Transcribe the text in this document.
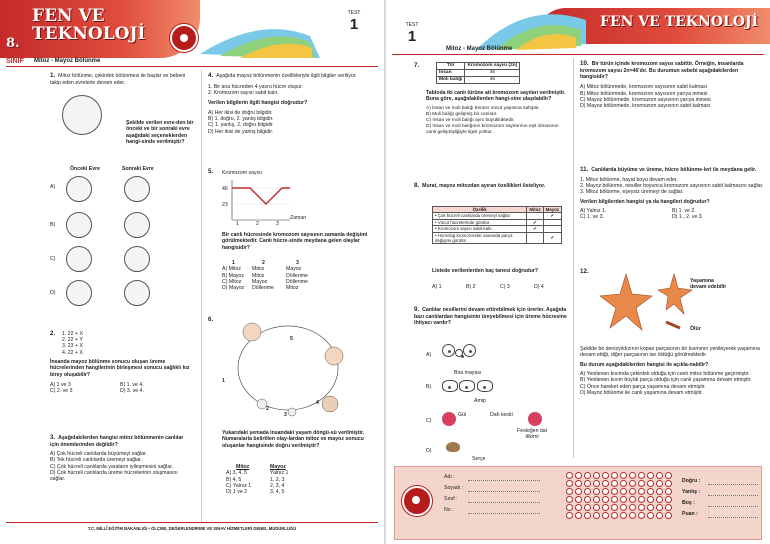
FEN VE
TEKNOLOJİ
8.
TEST
1
SINIF Mitoz - Mayoz Bölünme
1. Mitoz bölünme, çekirdek bölünmesi ile başlar ve bebeni takip eden evrelerle devam eder.
Şekilde verilen evre-den bir önceki ve bir sonraki evre aşağıdaki seçeneklerden hangi-sinde verilmiştir?
Önceki Evre	Sonraki Evre
A)
B)
C)
D)
2. 1. 22 + X
2. 22 + Y
3. 23 + X
4. 22 + X
İnsanda mayoz bölünme sonucu oluşan üreme hücrelerinden hangilerinin birleşmesi sonucu sağlıklı kız birey oluşabilir?
A) 1 ve 3	B) 1. ve 4.
C) 2. ve 3	D) 3. ve 4.
3. Aşağıdakilerden hangisi mitoz bölünmenin canlılar için önemlerinden değildir?
A) Çok hücreli canlılarda büyümeyi sağlar.
B) Tek hücreli canlılarda üremeyi sağlar.
C) Çok hücreli canlılarda yaraların iyileşmesini sağlar.
D) Çok hücreli canlılarda üreme hücrelerinin oluşmasını sağlar.
4. Aşağıda mayoz bölünmenin özellikleriyle ilgili bilgiler veriliyor.
1. Bir ana hücreden 4 yavru hücre oluşur.
2. Kromozom sayısı sabit kalır.
Verilen bilgilerin ilgili hangisi doğrudur?
A) Her ikisi de doğru bilgidir.
B) 1. doğru, 2. yanlış bilgidir.
C) 1. yanlış, 2. doğru bilgidir.
D) Her ikisi de yanlış bilgidir.
5.	Kromozom sayısı
46
23
1	2	3
Zaman
Bir canlı hücresinde kromozom sayısının zamanla değişimi görülmektedir. Canlı hücre-sinde meydana gelen olaylar hangisidir?
1	2	3
A) Mitoz	Mitoz	Mayoz
B) Mayoz	Mitoz	Döllenme
C) Mitoz	Mayoz	Döllenme
D) Mayoz	Döllenme	Mitoz
6.
5
1
2
3
4
Yukarıdaki şemada insandaki yaşam döngü-sü verilmiştir. Numaralarla belirtilen olay-lardan mitoz ve mayoz sonucu oluşanlar hangisinde doğru verilmiştir?
Mitoz	Mayoz
A) 3, 4, 5	Yalnız 1
B) 4, 5	1, 2, 3
C) Yalnız 1	2, 3, 4
D) 1 ve 2	3, 4, 5
T.C. MİLLÎ EĞİTİM BAKANLIĞI • ÖLÇME, DEĞERLENDİRME VE SINAV HİZMETLERİ GENEL MÜDÜRLÜĞÜ
FEN VE TEKNOLOJİ
TEST
1
Mitoz - Mayoz Bölünme
7.	Tür	Kromozom sayısı (2n)
İnsan	46
Moli balığı	46
Tabloda iki canlı türüne ait kromozom sayıları verilmiştir. Buna göre, aşağıdakilerden hangi-sine ulaşılabilir?
A) İnsan ve moli balığı benzer vücut yapısına sahiptir.
B) Moli balığı gelişmiş bir canlıdır.
C) İnsan ve moli balığı aynı büyüklüktedir.
D) İnsan ve moli balığının kromozom sayılarının eşit olmasının canlı gelişmişliğiyle ilgisi yoktur.
8. Murat, mayoz mitozdan ayıran özellikleri listeliyor.
Özellik	Mitoz	Mayoz
• Çok hücreli canlılarda üremeyi sağlar.		✔
• Vücut hücrelerinde görülür.	✔	
• Kromozom sayısı sabit kalır.	✔	
• Homolog kromozomlar arasında parça değişimi görülür.		✔
Listede verilenlerden kaç tanesi doğrudur?
A) 1	B) 2	C) 3	D) 4
9. Canlılar nesillerini devam ettirebilmek için ürerler. Aşağıda bazı canlılardan hangisinin üreyebilmesi için üreme hücresine ihtiyacı vardır?
A)
Bira mayası
B)

Amip
C)
Gül	Dah kesiti
Fesleğen dal dikimi
D)
Serçe
10. Bir türün içinde kromozom sayısı sabittir. Örneğin, insanlarda kromozom sayısı 2n=46'dır. Bu durumun sebebi aşağıdakilerden hangisidir?
A) Mitoz bölünmede, kromozom sayısının sabit kalması
B) Mitoz bölünmede, kromozom sayısının yarıya inmesi
C) Mayoz bölünmede, kromozom sayısının yarıya inmesi
D) Mayoz bölünmede, kromozom sayısının sabit kalması
11. Canlılarda büyüme ve üreme, hücre bölünme-leri ile meydana gelir.
1. Mitoz bölünme, hayat boyu devam eder.
2. Mayoz bölünme, nesiller boyunca kromozom sayısının sabit kalmasını sağlar.
3. Mitoz bölünme, eşeysiz üremeyi de sağlar.
Verilen bilgilerden hangisi ya da hangileri doğrudur?
A) Yalnız 1.	B) 1. ve 2.
C) 1. ve 3.	D) 1., 2. ve 3.
12.
Yaşamına devam edebilir
Ölür
Şekilde bir denizyıldızının kopan parçasının bir kısmının yenileyerek yaşamına devam ettiği, diğer parçasının ise öldüğü görülmektedir.
Bu durum aşağıdakilerden hangisi ile açıkla-nabilir?
A) Yenilenen kısımda çekirdek olduğu için canlı mitoz bölünme geçirmiştir.
B) Yenilenen kısım büyük parça olduğu için canlı yaşamına devam etmiştir.
C) Önce hareket eden parça yaşamına devam etmiştir.
D) Mayoz bölünme ile canlı yaşamına devam etmiştir.
Adı :
Soyadı :
Sınıf :
No :
Doğru :
Yanlış :
Boş :
Puan :
